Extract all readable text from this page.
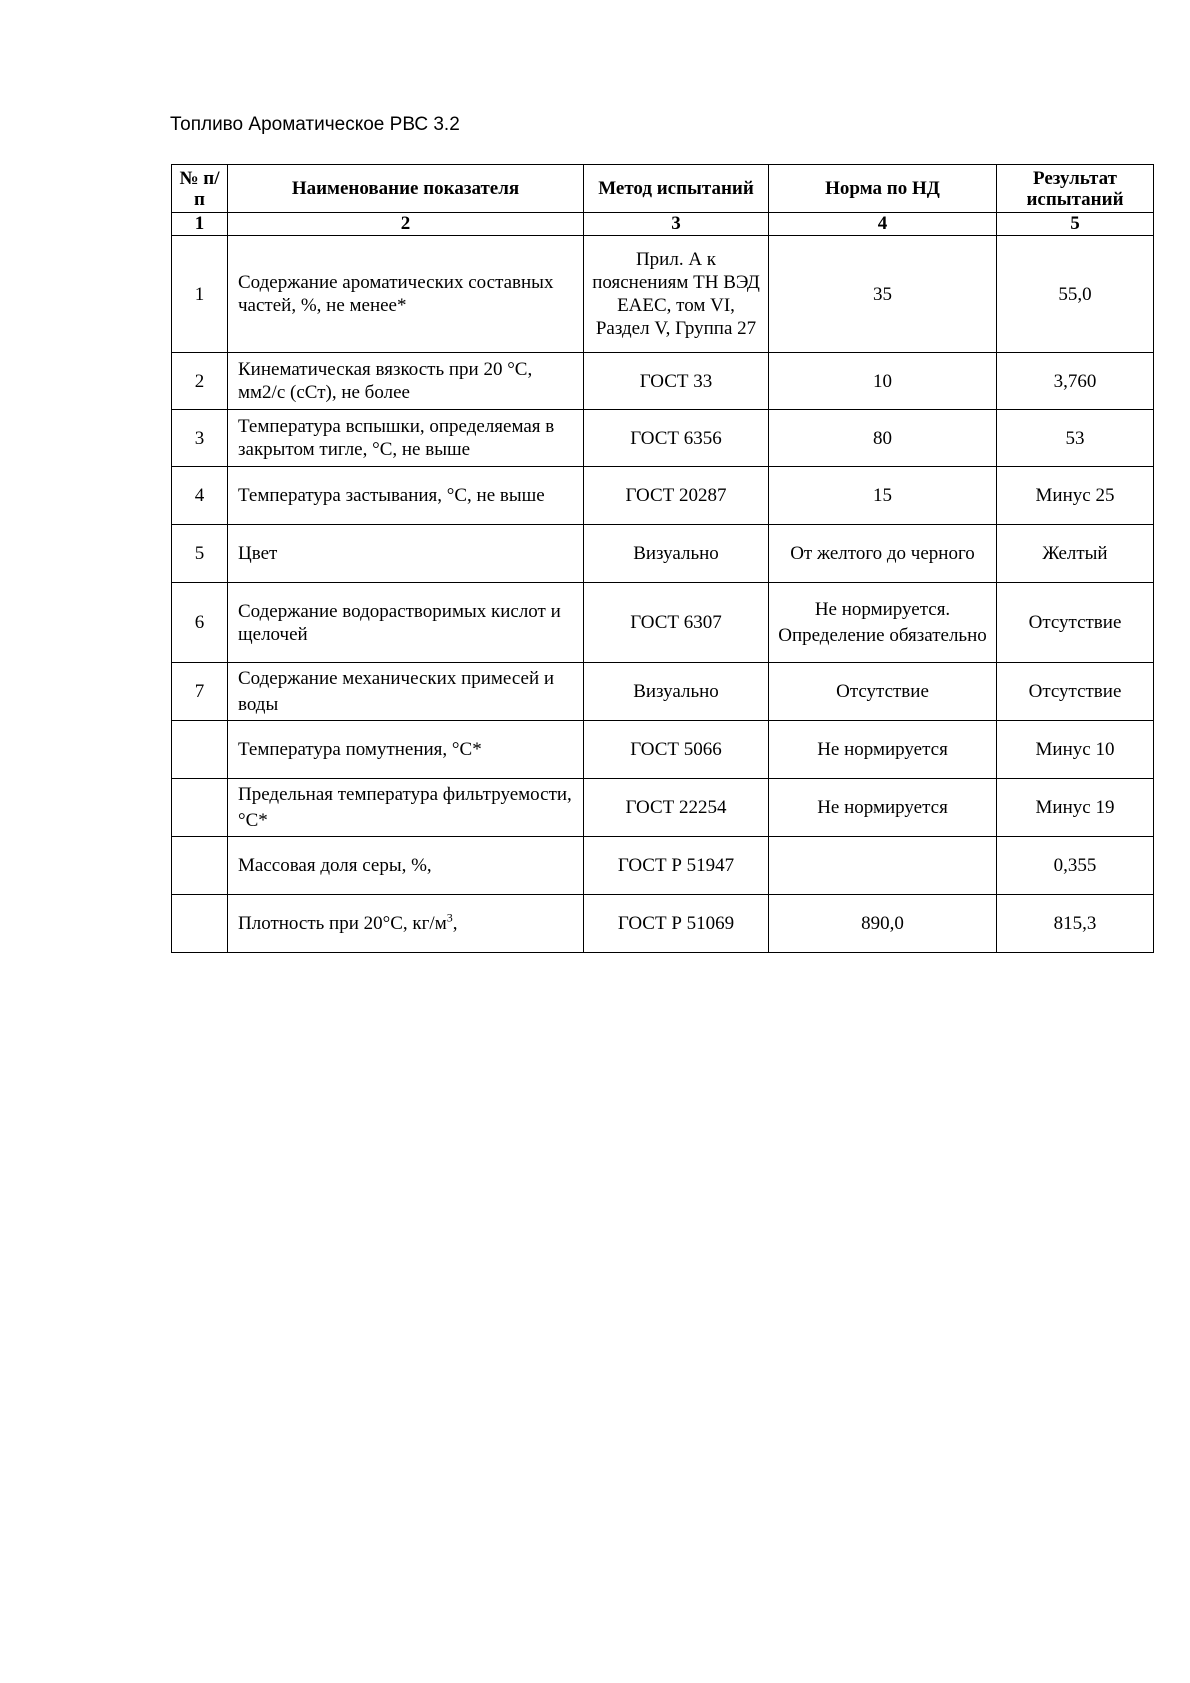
Топливо Ароматическое РВС 3.2
№ п/п	Наименование показателя	Метод испытаний	Норма по НД	Результат испытаний
1	2	3	4	5
1	Содержание ароматических составных частей, %, не менее*	Прил. А к пояснениям ТН ВЭД ЕАЕС, том VI, Раздел V, Группа 27	35	55,0
2	Кинематическая вязкость при 20 °С, мм2/с (сСт), не более	ГОСТ 33	10	3,760
3	Температура вспышки, определяемая в закрытом тигле, °С, не выше	ГОСТ 6356	80	53
4	Температура застывания, °С, не выше	ГОСТ 20287	15	Минус 25
5	Цвет	Визуально	От желтого до черного	Желтый
6	Содержание водорастворимых кислот и щелочей	ГОСТ 6307	Не нормируется. Определение обязательно	Отсутствие
7	Содержание механических примесей и воды	Визуально	Отсутствие	Отсутствие
	Температура помутнения, °С*	ГОСТ 5066	Не нормируется	Минус 10
	Предельная температура фильтруемости, °С*	ГОСТ 22254	Не нормируется	Минус 19
	Массовая доля серы, %,	ГОСТ Р 51947		0,355
	Плотность при 20°С, $кг/м^3$,	ГОСТ Р 51069	890,0	815,3
